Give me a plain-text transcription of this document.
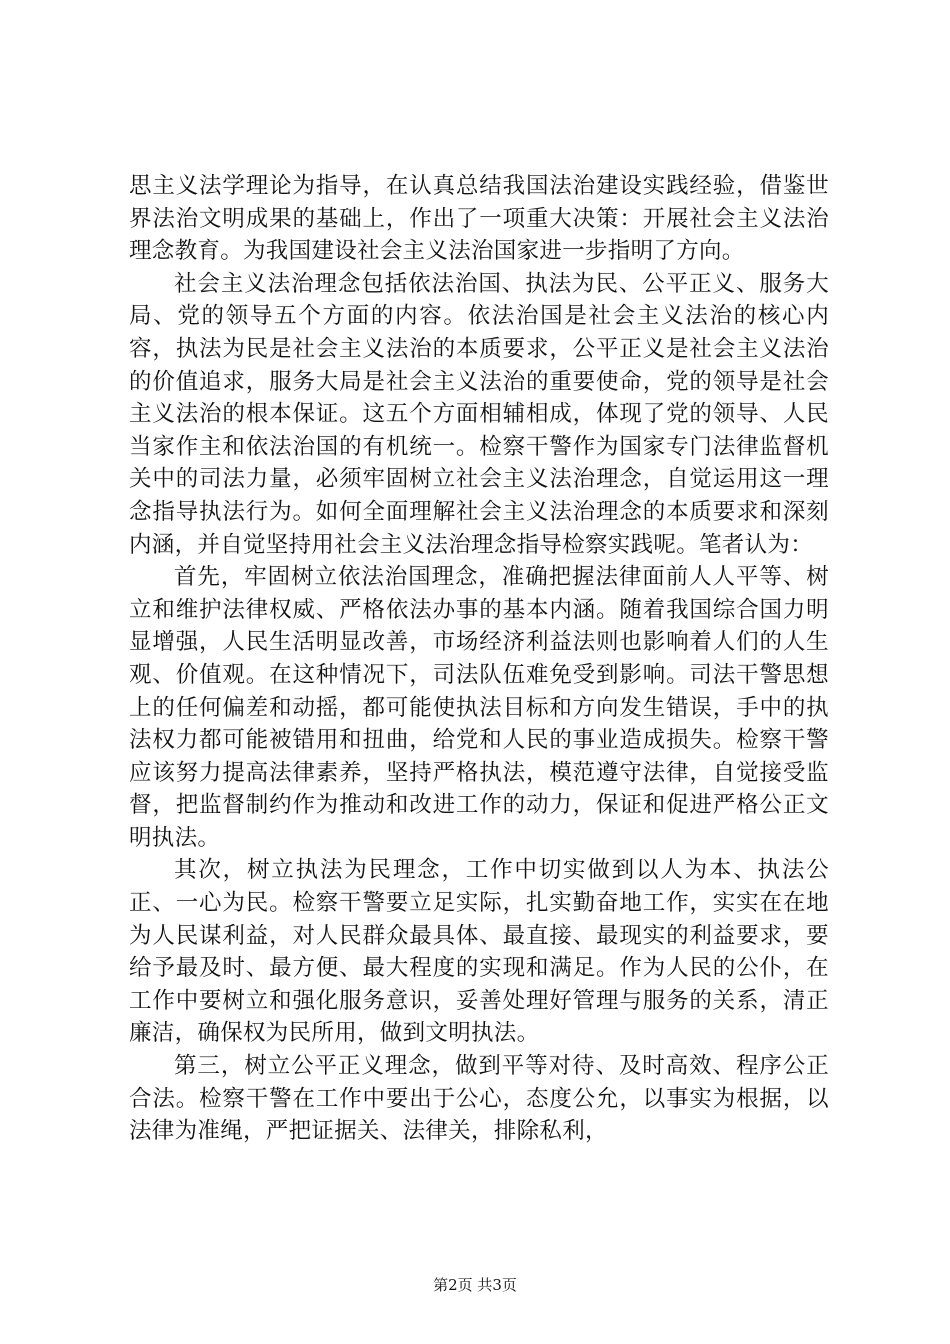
思主义法学理论为指导，在认真总结我国法治建设实践经验，借鉴世界法治文明成果的基础上，作出了一项重大决策：开展社会主义法治理念教育。为我国建设社会主义法治国家进一步指明了方向。

社会主义法治理念包括依法治国、执法为民、公平正义、服务大局、党的领导五个方面的内容。依法治国是社会主义法治的核心内容，执法为民是社会主义法治的本质要求，公平正义是社会主义法治的价值追求，服务大局是社会主义法治的重要使命，党的领导是社会主义法治的根本保证。这五个方面相辅相成，体现了党的领导、人民当家作主和依法治国的有机统一。检察干警作为国家专门法律监督机关中的司法力量，必须牢固树立社会主义法治理念，自觉运用这一理念指导执法行为。如何全面理解社会主义法治理念的本质要求和深刻内涵，并自觉坚持用社会主义法治理念指导检察实践呢。笔者认为：

首先，牢固树立依法治国理念，准确把握法律面前人人平等、树立和维护法律权威、严格依法办事的基本内涵。随着我国综合国力明显增强，人民生活明显改善，市场经济利益法则也影响着人们的人生观、价值观。在这种情况下，司法队伍难免受到影响。司法干警思想上的任何偏差和动摇，都可能使执法目标和方向发生错误，手中的执法权力都可能被错用和扭曲，给党和人民的事业造成损失。检察干警应该努力提高法律素养，坚持严格执法，模范遵守法律，自觉接受监督，把监督制约作为推动和改进工作的动力，保证和促进严格公正文明执法。

其次，树立执法为民理念，工作中切实做到以人为本、执法公正、一心为民。检察干警要立足实际，扎实勤奋地工作，实实在在地为人民谋利益，对人民群众最具体、最直接、最现实的利益要求，要给予最及时、最方便、最大程度的实现和满足。作为人民的公仆，在工作中要树立和强化服务意识，妥善处理好管理与服务的关系，清正廉洁，确保权为民所用，做到文明执法。

第三，树立公平正义理念，做到平等对待、及时高效、程序公正合法。检察干警在工作中要出于公心，态度公允，以事实为根据，以法律为准绳，严把证据关、法律关，排除私利，

第2页 共3页
